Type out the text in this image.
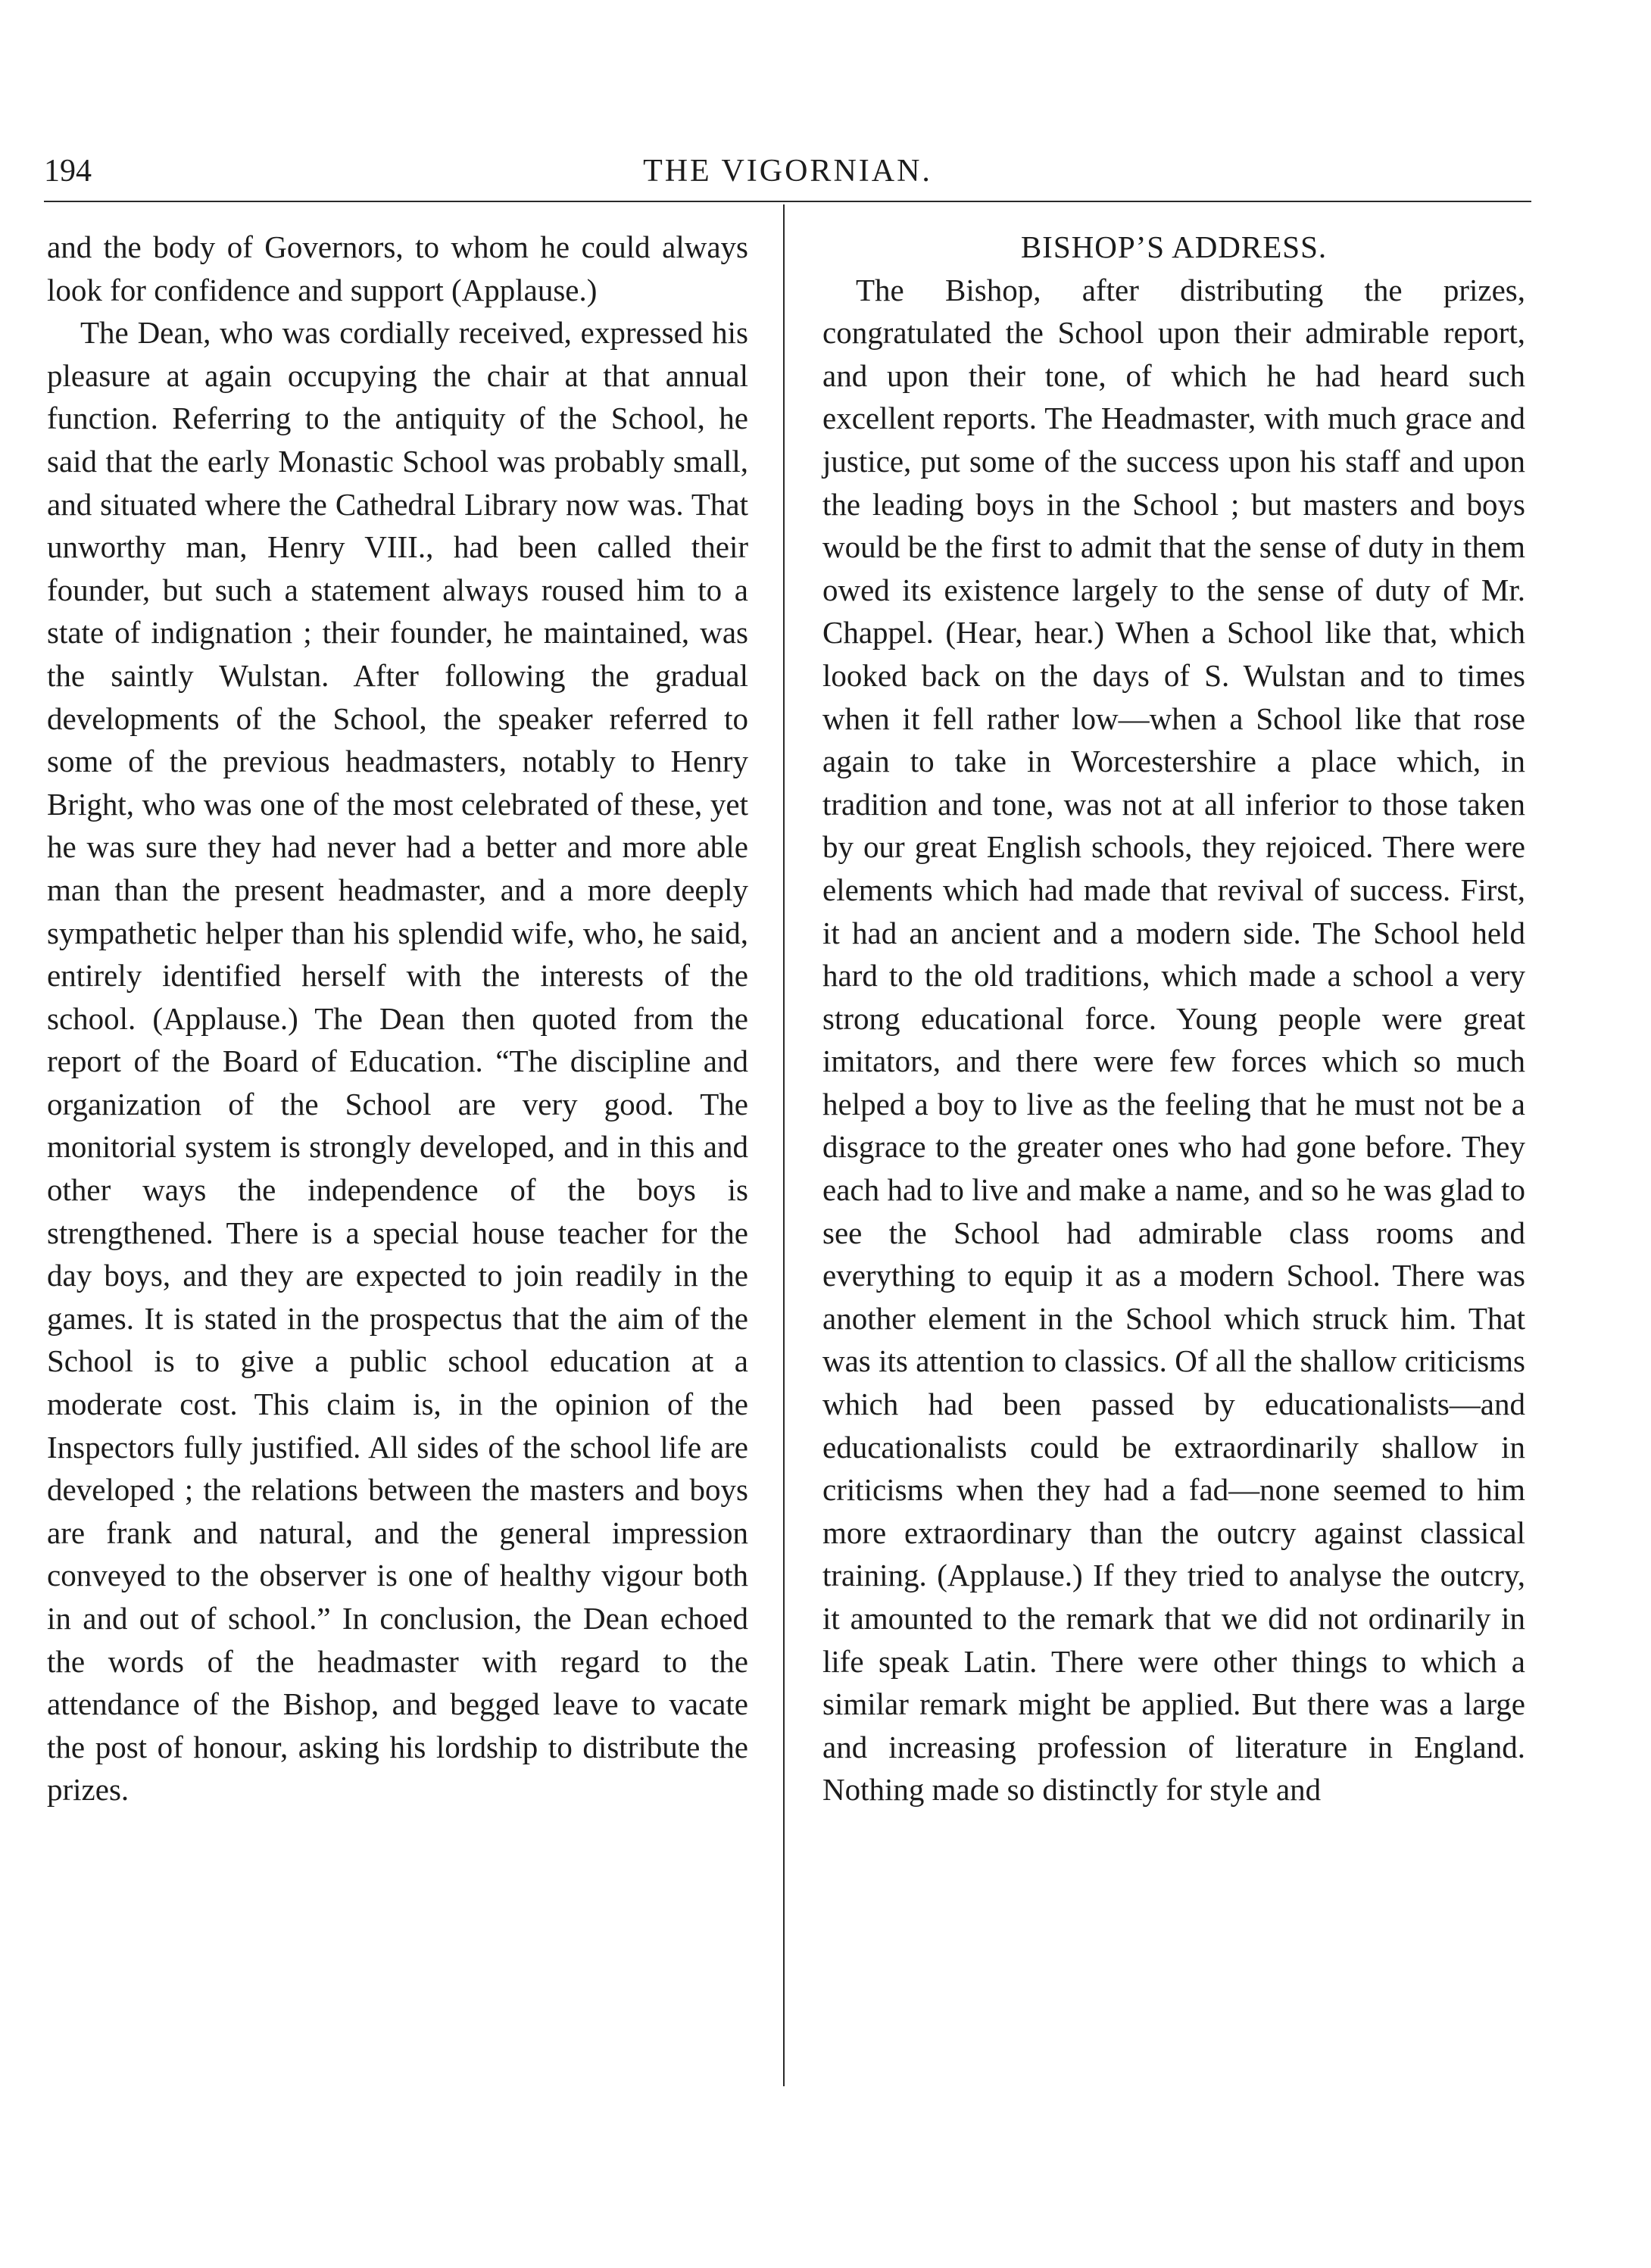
194	THE VIGORNIAN.

and the body of Governors, to whom he could always look for confidence and support (Applause.)

The Dean, who was cordially received, expressed his pleasure at again occupying the chair at that annual function. Referring to the antiquity of the School, he said that the early Monastic School was probably small, and situated where the Cathedral Library now was. That unworthy man, Henry VIII., had been called their founder, but such a statement always roused him to a state of indignation ; their founder, he maintained, was the saintly Wulstan. After following the gradual developments of the School, the speaker referred to some of the previous headmasters, notably to Henry Bright, who was one of the most celebrated of these, yet he was sure they had never had a better and more able man than the present headmaster, and a more deeply sympathetic helper than his splendid wife, who, he said, entirely identified herself with the interests of the school. (Applause.) The Dean then quoted from the report of the Board of Education. “The discipline and organization of the School are very good. The monitorial system is strongly developed, and in this and other ways the independence of the boys is strengthened. There is a special house teacher for the day boys, and they are expected to join readily in the games. It is stated in the prospectus that the aim of the School is to give a public school education at a moderate cost. This claim is, in the opinion of the Inspectors fully justified. All sides of the school life are developed ; the relations between the masters and boys are frank and natural, and the general impression conveyed to the observer is one of healthy vigour both in and out of school.” In conclusion, the Dean echoed the words of the headmaster with regard to the attendance of the Bishop, and begged leave to vacate the post of honour, asking his lordship to distribute the prizes.

BISHOP’S ADDRESS.

The Bishop, after distributing the prizes, congratulated the School upon their admirable report, and upon their tone, of which he had heard such excellent reports. The Headmaster, with much grace and justice, put some of the success upon his staff and upon the leading boys in the School ; but masters and boys would be the first to admit that the sense of duty in them owed its existence largely to the sense of duty of Mr. Chappel. (Hear, hear.) When a School like that, which looked back on the days of S. Wulstan and to times when it fell rather low—when a School like that rose again to take in Worcestershire a place which, in tradition and tone, was not at all inferior to those taken by our great English schools, they rejoiced. There were elements which had made that revival of success. First, it had an ancient and a modern side. The School held hard to the old traditions, which made a school a very strong educational force. Young people were great imitators, and there were few forces which so much helped a boy to live as the feeling that he must not be a disgrace to the greater ones who had gone before. They each had to live and make a name, and so he was glad to see the School had admirable class rooms and everything to equip it as a modern School. There was another element in the School which struck him. That was its attention to classics. Of all the shallow criticisms which had been passed by educationalists—and educationalists could be extraordinarily shallow in criticisms when they had a fad—none seemed to him more extraordinary than the outcry against classical training. (Applause.) If they tried to analyse the outcry, it amounted to the remark that we did not ordinarily in life speak Latin. There were other things to which a similar remark might be applied. But there was a large and increasing profession of literature in England. Nothing made so distinctly for style and
